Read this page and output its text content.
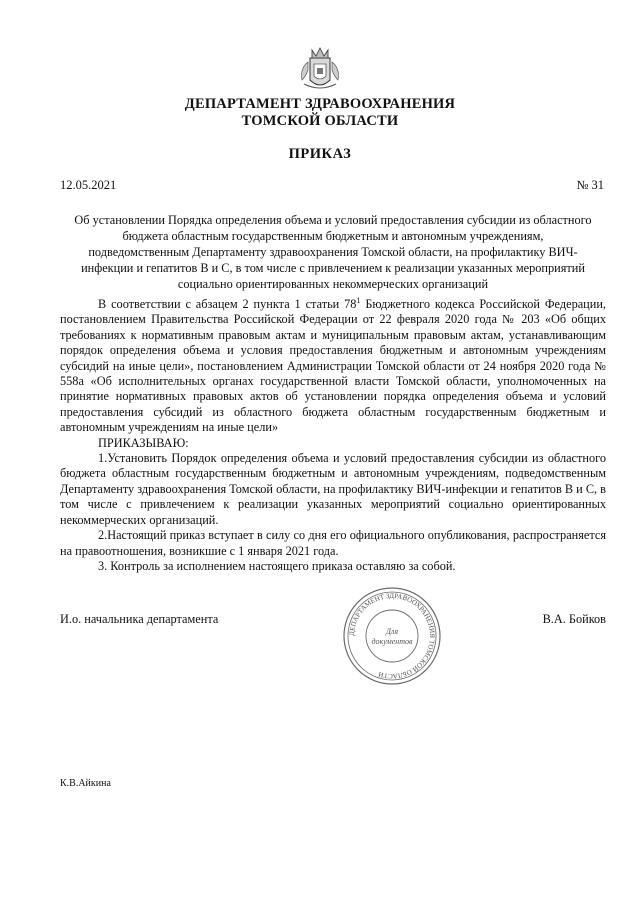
ДЕПАРТАМЕНТ ЗДРАВООХРАНЕНИЯ
ТОМСКОЙ ОБЛАСТИ
ПРИКАЗ
12.05.2021	№ 31
Об установлении Порядка определения объема и условий предоставления субсидии из областного
бюджета областным государственным бюджетным и автономным учреждениям,
подведомственным Департаменту здравоохранения Томской области, на профилактику ВИЧ-
инфекции и гепатитов В и С, в том числе с привлечением к реализации указанных мероприятий
социально ориентированных некоммерческих организаций

В соответствии с абзацем 2 пункта 1 статьи $78^1$ Бюджетного кодекса Российской Федерации, постановлением Правительства Российской Федерации от 22 февраля 2020 года № 203 «Об общих требованиях к нормативным правовым актам и муниципальным правовым актам, устанавливающим порядок определения объема и условия предоставления бюджетным и автономным учреждениям субсидий на иные цели», постановлением Администрации Томской области от 24 ноября 2020 года № 558а «Об исполнительных органах государственной власти Томской области, уполномоченных на принятие нормативных правовых актов об установлении порядка определения объема и условий предоставления субсидий из областного бюджета областным государственным бюджетным и автономным учреждениям на иные цели»

ПРИКАЗЫВАЮ:

1.Установить Порядок определения объема и условий предоставления субсидии из областного бюджета областным государственным бюджетным и автономным учреждениям, подведомственным Департаменту здравоохранения Томской области, на профилактику ВИЧ-инфекции и гепатитов В и С, в том числе с привлечением к реализации указанных мероприятий социально ориентированных некоммерческих организаций.

2.Настоящий приказ вступает в силу со дня его официального опубликования, распространяется на правоотношения, возникшие с 1 января 2021 года.

3. Контроль за исполнением настоящего приказа оставляю за собой.

И.о. начальника департамента
ДЕПАРТАМЕНТ ЗДРАВООХРАНЕНИЯ ТОМСКОЙ ОБЛАСТИ
Для
документов
В.А. Бойков
К.В.Айкина
